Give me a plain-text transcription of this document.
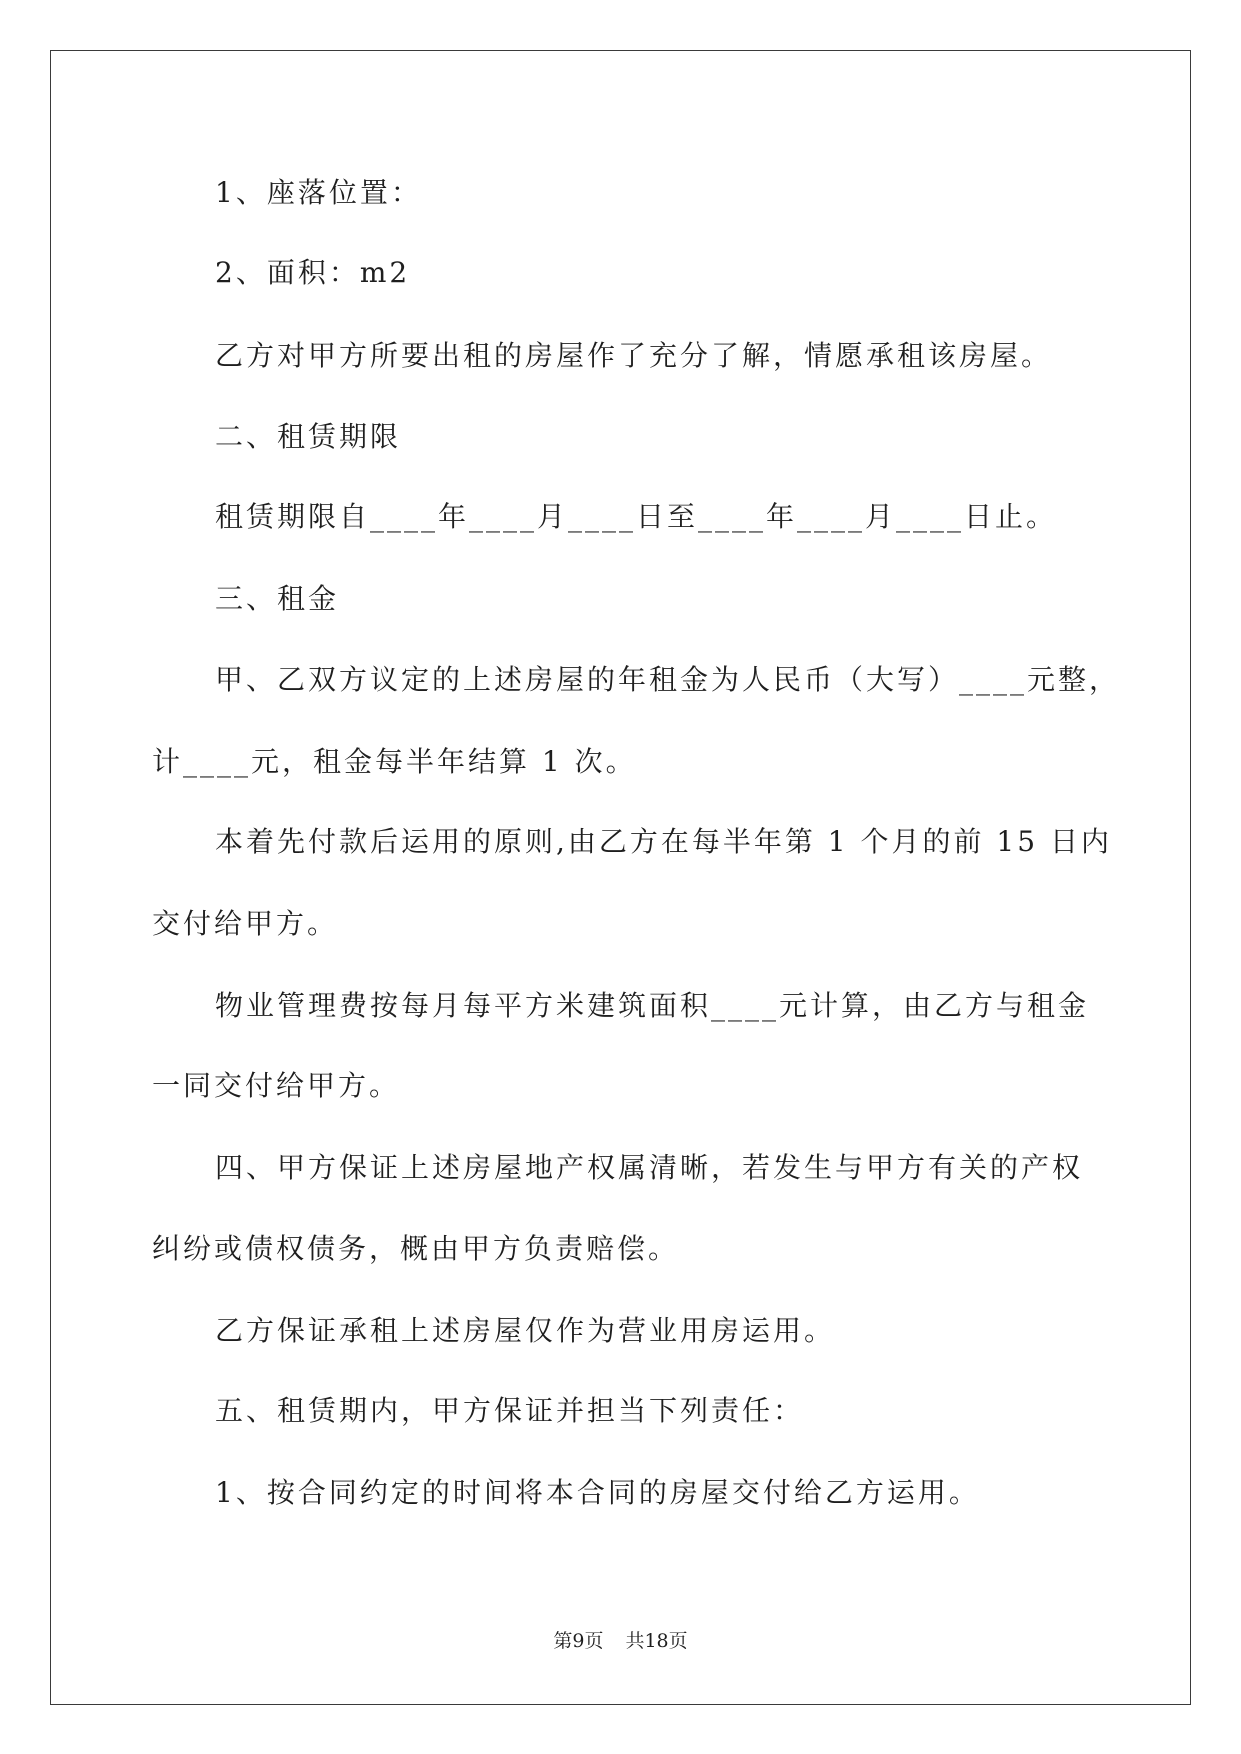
1、座落位置：
2、面积：m2
乙方对甲方所要出租的房屋作了充分了解，情愿承租该房屋。
二、租赁期限
租赁期限自____年____月____日至____年____月____日止。
三、租金
甲、乙双方议定的上述房屋的年租金为人民币（大写）____元整，
计____元，租金每半年结算 1 次。
本着先付款后运用的原则,由乙方在每半年第 1 个月的前 15 日内
交付给甲方。
物业管理费按每月每平方米建筑面积____元计算，由乙方与租金
一同交付给甲方。
四、甲方保证上述房屋地产权属清晰，若发生与甲方有关的产权
纠纷或债权债务，概由甲方负责赔偿。
乙方保证承租上述房屋仅作为营业用房运用。
五、租赁期内，甲方保证并担当下列责任：
1、按合同约定的时间将本合同的房屋交付给乙方运用。
第9页 共18页
